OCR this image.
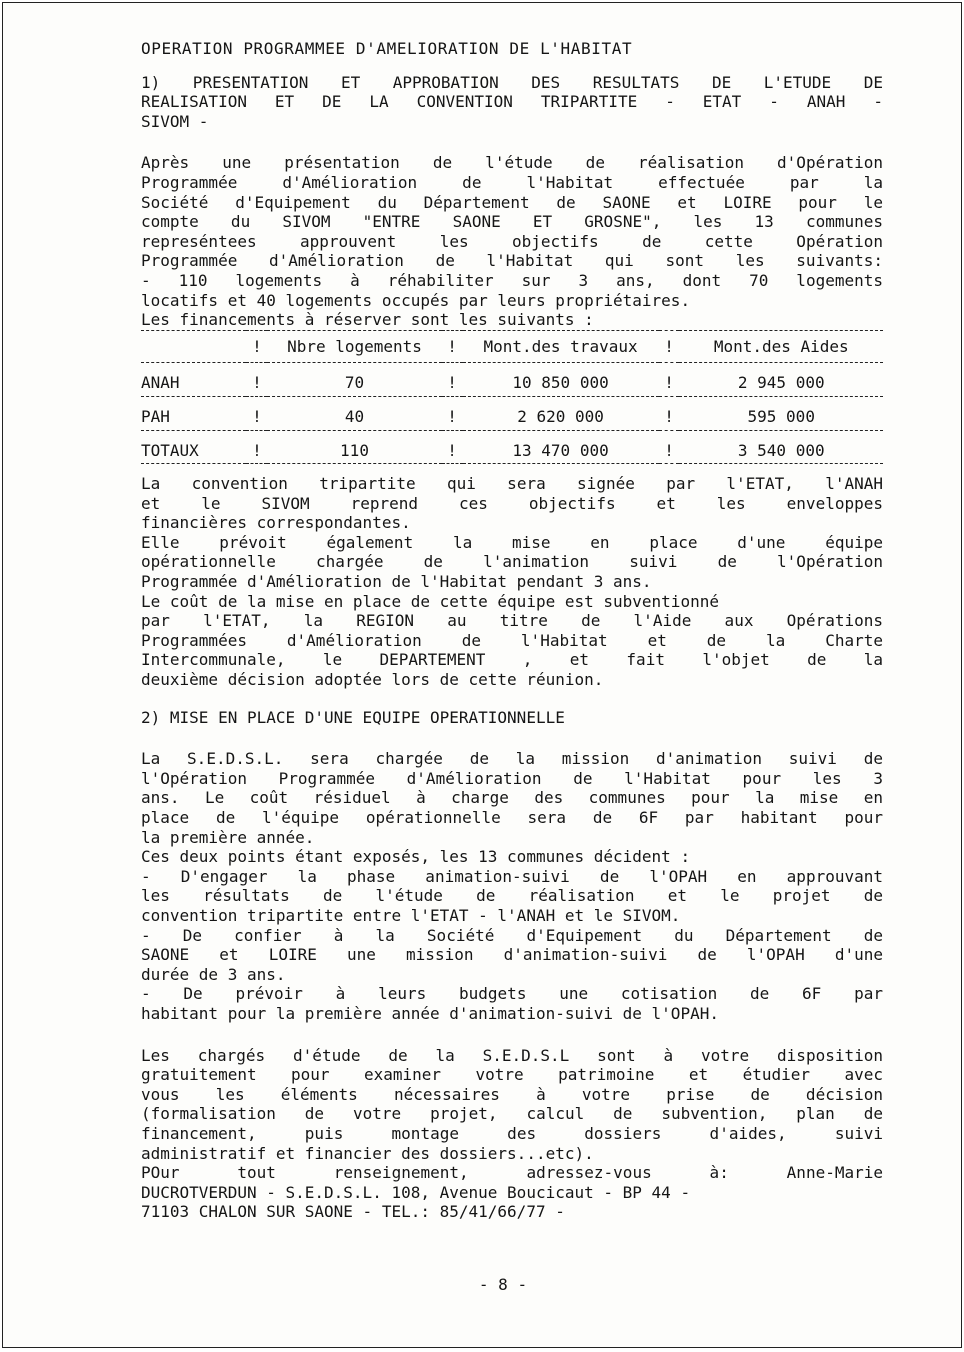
OPERATION PROGRAMMEE D'AMELIORATION DE L'HABITAT

1) PRESENTATION ET APPROBATION DES RESULTATS DE L'ETUDE DE

REALISATION ET DE LA CONVENTION TRIPARTITE - ETAT - ANAH -

SIVOM -

Après une présentation de l'étude de réalisation d'Opération

Programmée d'Amélioration de l'Habitat effectuée par la

Société d'Equipement du Département de SAONE et LOIRE pour le

compte du SIVOM "ENTRE SAONE ET GROSNE", les 13 communes

represéntees approuvent les objectifs de cette Opération

Programmée d'Amélioration de l'Habitat qui sont les suivants:

- 110 logements à réhabiliter sur 3 ans, dont 70 logements

locatifs et 40 logements occupés par leurs propriétaires.

Les financements à réserver sont les suivants :

	!	Nbre logements	!	Mont.des travaux	!	Mont.des Aides
ANAH	!	70	!	10 850 000	!	2 945 000
PAH	!	40	!	2 620 000	!	595 000
TOTAUX	!	110	!	13 470 000	!	3 540 000

La convention tripartite qui sera signée par l'ETAT, l'ANAH

et le SIVOM reprend ces objectifs et les enveloppes

financières correspondantes.

Elle prévoit également la mise en place d'une équipe

opérationnelle chargée de l'animation suivi de l'Opération

Programmée d'Amélioration de l'Habitat pendant 3 ans.

Le coût de la mise en place de cette équipe est subventionné

par l'ETAT, la REGION au titre de l'Aide aux Opérations

Programmées d'Amélioration de l'Habitat et de la Charte

Intercommunale, le DEPARTEMENT , et fait l'objet de la

deuxième décision adoptée lors de cette réunion.

2) MISE EN PLACE D'UNE EQUIPE OPERATIONNELLE

La S.E.D.S.L. sera chargée de la mission d'animation suivi de

l'Opération Programmée d'Amélioration de l'Habitat pour les 3

ans. Le coût résiduel à charge des communes pour la mise en

place de l'équipe opérationnelle sera de 6F par habitant pour

la première année.

Ces deux points étant exposés, les 13 communes décident :

- D'engager la phase animation-suivi de l'OPAH en approuvant

les résultats de l'étude de réalisation et le projet de

convention tripartite entre l'ETAT - l'ANAH et le SIVOM.

- De confier à la Société d'Equipement du Département de

SAONE et LOIRE une mission d'animation-suivi de l'OPAH d'une

durée de 3 ans.

- De prévoir à leurs budgets une cotisation de 6F par

habitant pour la première année d'animation-suivi de l'OPAH.

Les chargés d'étude de la S.E.D.S.L sont à votre disposition

gratuitement pour examiner votre patrimoine et étudier avec

vous les éléments nécessaires à votre prise de décision

(formalisation de votre projet, calcul de subvention, plan de

financement, puis montage des dossiers d'aides, suivi

administratif et financier des dossiers...etc).

POur tout renseignement, adressez-vous à: Anne-Marie

DUCROTVERDUN - S.E.D.S.L. 108, Avenue Boucicaut - BP 44 -

71103 CHALON SUR SAONE - TEL.: 85/41/66/77 -

- 8 -
